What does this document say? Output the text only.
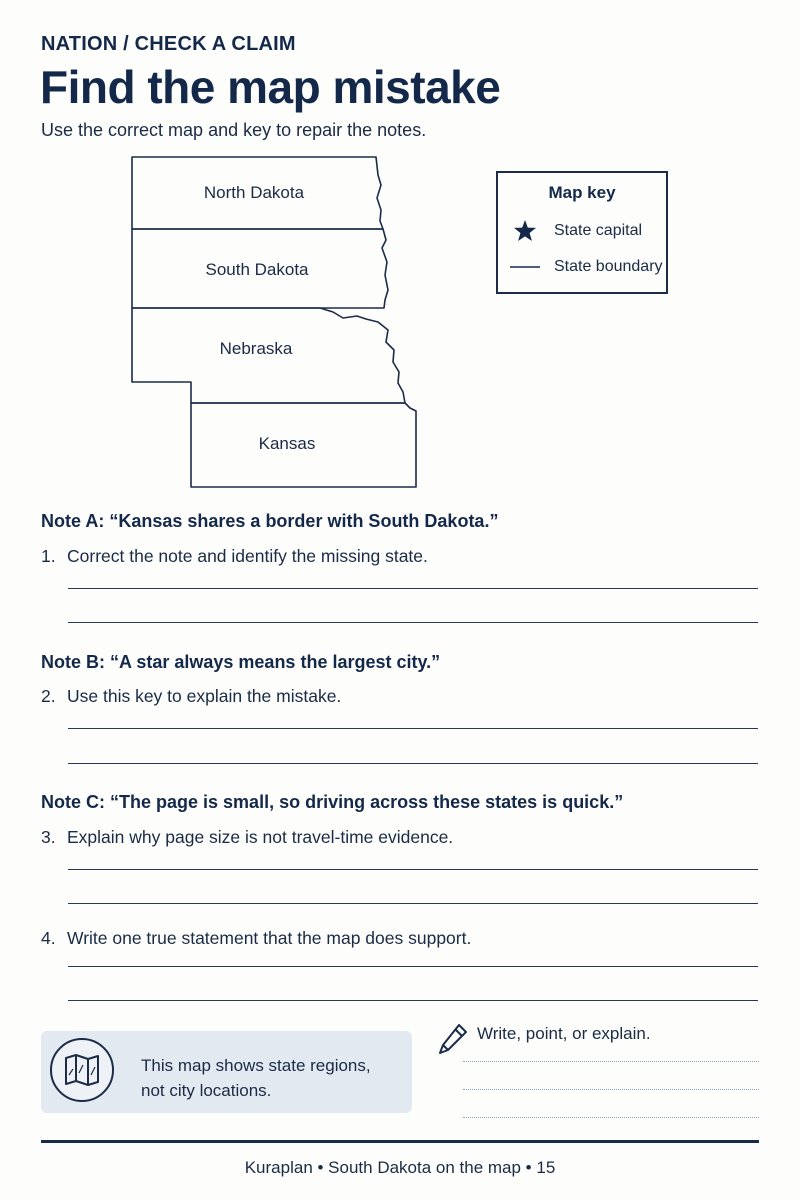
NATION / CHECK A CLAIM
Find the map mistake
Use the correct map and key to repair the notes.
North Dakota
South Dakota
Nebraska
Kansas
Map key
State capital
State boundary
Note A: “Kansas shares a border with South Dakota.”
1. Correct the note and identify the missing state.
Note B: “A star always means the largest city.”
2. Use this key to explain the mistake.
Note C: “The page is small, so driving across these states is quick.”
3. Explain why page size is not travel-time evidence.
4. Write one true statement that the map does support.
This map shows state regions,
not city locations.
Write, point, or explain.
Kuraplan • South Dakota on the map • 15
